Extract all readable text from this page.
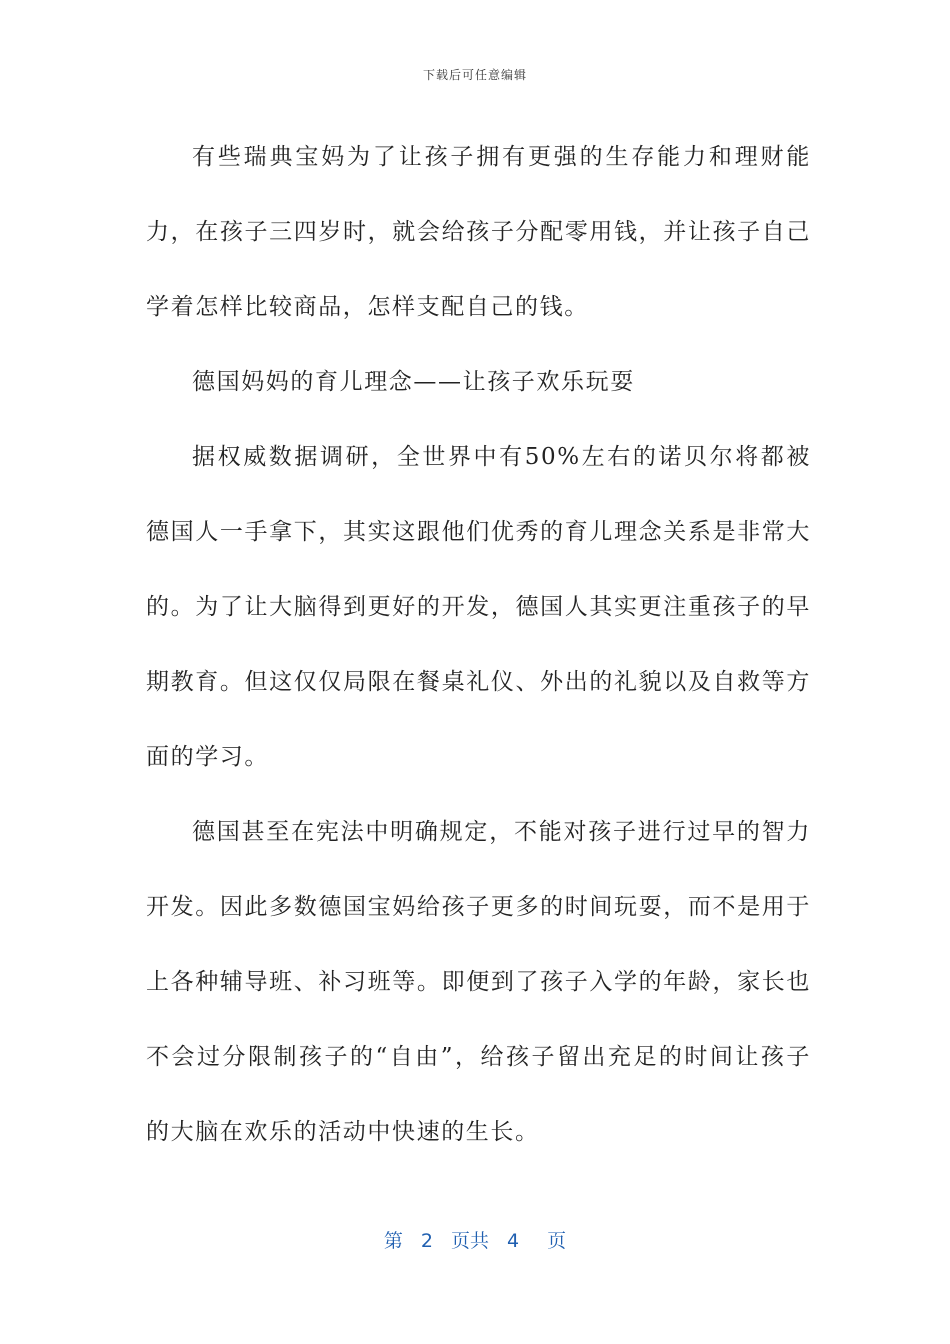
下载后可任意编辑

有些瑞典宝妈为了让孩子拥有更强的生存能力和理财能力，在孩子三四岁时，就会给孩子分配零用钱，并让孩子自己学着怎样比较商品，怎样支配自己的钱。

德国妈妈的育儿理念——让孩子欢乐玩耍

据权威数据调研，全世界中有50%左右的诺贝尔将都被德国人一手拿下，其实这跟他们优秀的育儿理念关系是非常大的。为了让大脑得到更好的开发，德国人其实更注重孩子的早期教育。但这仅仅局限在餐桌礼仪、外出的礼貌以及自救等方面的学习。

德国甚至在宪法中明确规定，不能对孩子进行过早的智力开发。因此多数德国宝妈给孩子更多的时间玩耍，而不是用于上各种辅导班、补习班等。即便到了孩子入学的年龄，家长也不会过分限制孩子的“自由”，给孩子留出充足的时间让孩子的大脑在欢乐的活动中快速的生长。

第 2 页共 4 页
